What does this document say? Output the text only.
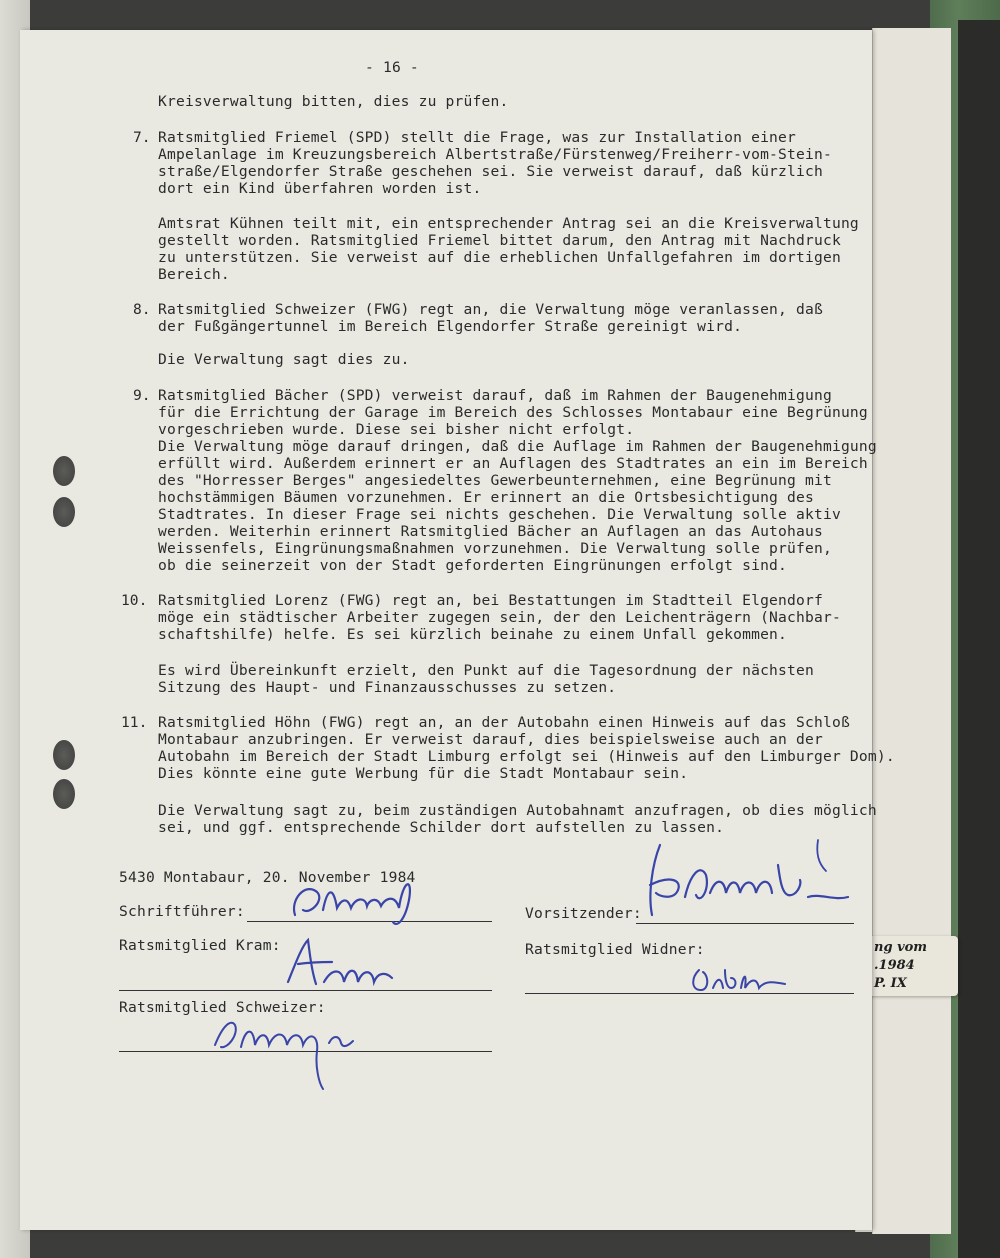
ng vom
.1984
P. IX
- 16 -
Kreisverwaltung bitten, dies zu prüfen.
7. Ratsmitglied Friemel (SPD) stellt die Frage, was zur Installation einer
Ampelanlage im Kreuzungsbereich Albertstraße/Fürstenweg/Freiherr-vom-Stein-
straße/Elgendorfer Straße geschehen sei. Sie verweist darauf, daß kürzlich
dort ein Kind überfahren worden ist.
Amtsrat Kühnen teilt mit, ein entsprechender Antrag sei an die Kreisverwaltung
gestellt worden. Ratsmitglied Friemel bittet darum, den Antrag mit Nachdruck
zu unterstützen. Sie verweist auf die erheblichen Unfallgefahren im dortigen
Bereich.
8. Ratsmitglied Schweizer (FWG) regt an, die Verwaltung möge veranlassen, daß
der Fußgängertunnel im Bereich Elgendorfer Straße gereinigt wird.
Die Verwaltung sagt dies zu.
9. Ratsmitglied Bächer (SPD) verweist darauf, daß im Rahmen der Baugenehmigung
für die Errichtung der Garage im Bereich des Schlosses Montabaur eine Begrünung
vorgeschrieben wurde. Diese sei bisher nicht erfolgt.
Die Verwaltung möge darauf dringen, daß die Auflage im Rahmen der Baugenehmigung
erfüllt wird. Außerdem erinnert er an Auflagen des Stadtrates an ein im Bereich
des "Horresser Berges" angesiedeltes Gewerbeunternehmen, eine Begrünung mit
hochstämmigen Bäumen vorzunehmen. Er erinnert an die Ortsbesichtigung des
Stadtrates. In dieser Frage sei nichts geschehen. Die Verwaltung solle aktiv
werden. Weiterhin erinnert Ratsmitglied Bächer an Auflagen an das Autohaus
Weissenfels, Eingrünungsmaßnahmen vorzunehmen. Die Verwaltung solle prüfen,
ob die seinerzeit von der Stadt geforderten Eingrünungen erfolgt sind.
10. Ratsmitglied Lorenz (FWG) regt an, bei Bestattungen im Stadtteil Elgendorf
möge ein städtischer Arbeiter zugegen sein, der den Leichenträgern (Nachbar-
schaftshilfe) helfe. Es sei kürzlich beinahe zu einem Unfall gekommen.
Es wird Übereinkunft erzielt, den Punkt auf die Tagesordnung der nächsten
Sitzung des Haupt- und Finanzausschusses zu setzen.
11. Ratsmitglied Höhn (FWG) regt an, an der Autobahn einen Hinweis auf das Schloß
Montabaur anzubringen. Er verweist darauf, dies beispielsweise auch an der
Autobahn im Bereich der Stadt Limburg erfolgt sei (Hinweis auf den Limburger Dom).
Dies könnte eine gute Werbung für die Stadt Montabaur sein.
Die Verwaltung sagt zu, beim zuständigen Autobahnamt anzufragen, ob dies möglich
sei, und ggf. entsprechende Schilder dort aufstellen zu lassen.
5430 Montabaur, 20. November 1984
Schriftführer:	Vorsitzender:
Ratsmitglied Kram:	Ratsmitglied Widner:
Ratsmitglied Schweizer:
